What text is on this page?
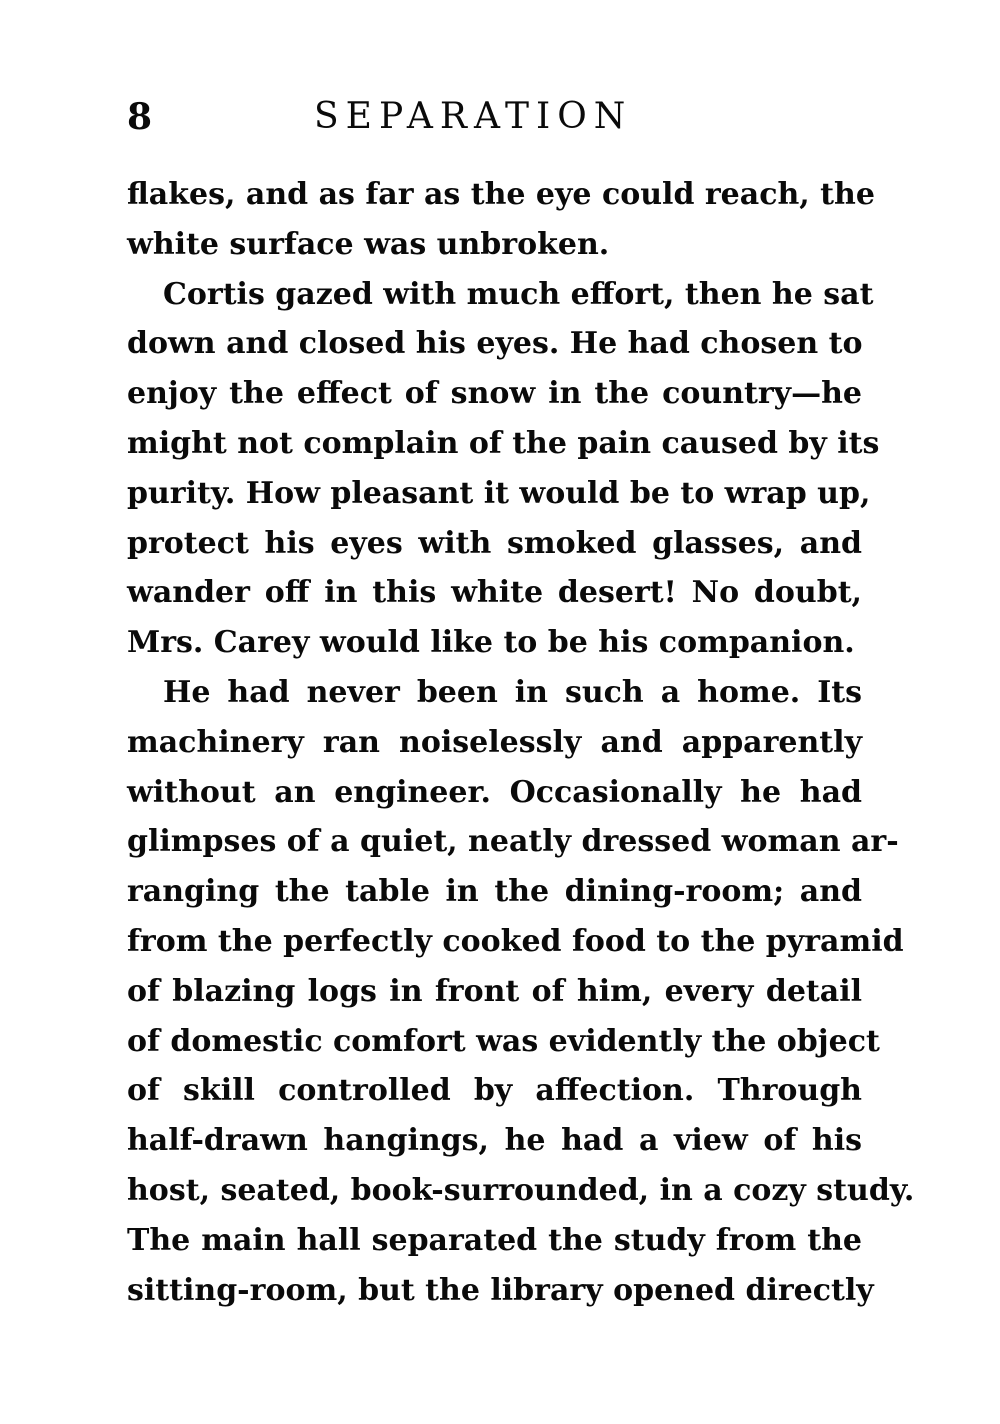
8	SEPARATION
flakes, and as far as the eye could reach, the
white surface was unbroken.
Cortis gazed with much effort, then he sat
down and closed his eyes. He had chosen to
enjoy the effect of snow in the country—he
might not complain of the pain caused by its
purity. How pleasant it would be to wrap up,
protect his eyes with smoked glasses, and
wander off in this white desert! No doubt,
Mrs. Carey would like to be his companion.
He had never been in such a home. Its
machinery ran noiselessly and apparently
without an engineer. Occasionally he had
glimpses of a quiet, neatly dressed woman ar-
ranging the table in the dining-room; and
from the perfectly cooked food to the pyramid
of blazing logs in front of him, every detail
of domestic comfort was evidently the object
of skill controlled by affection. Through
half-drawn hangings, he had a view of his
host, seated, book-surrounded, in a cozy study.
The main hall separated the study from the
sitting-room, but the library opened directly
